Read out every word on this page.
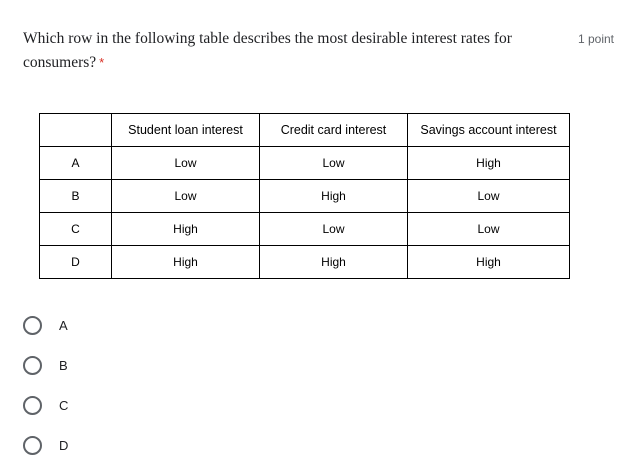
Which row in the following table describes the most desirable interest rates for consumers? *
1 point
	Student loan interest	Credit card interest	Savings account interest
A	Low	Low	High
B	Low	High	Low
C	High	Low	Low
D	High	High	High
A
B
C
D
